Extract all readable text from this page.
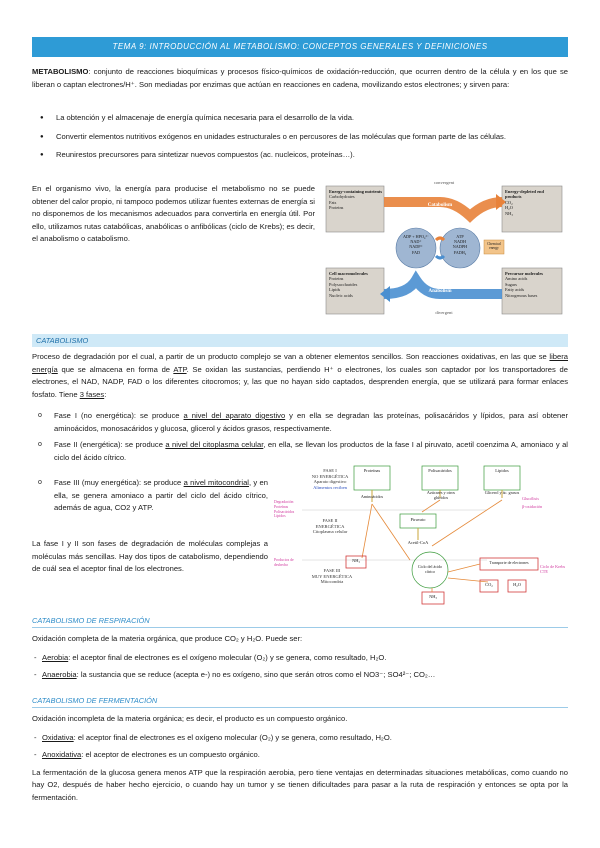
TEMA 9: INTRODUCCIÓN AL METABOLISMO: CONCEPTOS GENERALES Y DEFINICIONES

METABOLISMO: conjunto de reacciones bioquímicas y procesos físico-químicos de oxidación-reducción, que ocurren dentro de la célula y en los que se liberan o captan electrones/H⁺. Son mediadas por enzimas que actúan en reacciones en cadena, movilizando estos electrones; y sirven para:

● La obtención y el almacenaje de energía química necesaria para el desarrollo de la vida.
● Convertir elementos nutritivos exógenos en unidades estructurales o en percusores de las moléculas que forman parte de las células.
● Reunirestos precursores para sintetizar nuevos compuestos (ac. nucleicos, proteínas…).

En el organismo vivo, la energía para producise el metabolismo no se puede obtener del calor propio, ni tampoco podemos utilizar fuentes externas de energía si no disponemos de los mecanismos adecuados para convertirla en energía útil. Por ello, utilizamos rutas catabólicas, anabólicas o anfibólicas (ciclo de Krebs); es decir, el anabolismo o catabolismo.

convergent
divergent
Energy-containing nutrients
Carbohydrates
Fats
Proteins
Energy-depleted end products
CO₂
H₂O
NH₃
Catabolism
Anabolism
ADP + HPO₄²⁻
NAD⁺
NADP⁺
FAD
ATP
NADH
NADPH
FADH₂
Chemical energy
Cell macromolecules
Proteins
Polysaccharides
Lipids
Nucleic acids
Precursor molecules
Amino acids
Sugars
Fatty acids
Nitrogenous bases
CATABOLISMO

Proceso de degradación por el cual, a partir de un producto complejo se van a obtener elementos sencillos. Son reacciones oxidativas, en las que se libera energía que se almacena en forma de ATP. Se oxidan las sustancias, perdiendo H⁺ o electrones, los cuales son captador por los transportadores de electrones, el NAD, NADP, FAD o los diferentes citocromos; y, las que no hayan sido captados, desprenden energía, que se utilizará para formar enlaces fosfato. Tiene 3 fases:

o Fase I (no energética): se produce a nivel del aparato digestivo y en ella se degradan las proteínas, polisacáridos y lípidos, para así obtener aminoácidos, monosacáridos y glucosa, glicerol y ácidos grasos, respectivamente.
o Fase II (energética): se produce a nivel del citoplasma celular, en ella, se llevan los productos de la fase I al piruvato, acetil coenzima A, amoniaco y al ciclo del ácido cítrico.
o Fase III (muy energética): se produce a nivel mitocondrial, y en ella, se genera amoniaco a partir del ciclo del ácido cítrico, además de agua, CO2 y ATP.

La fase I y II son fases de degradación de moléculas complejas a moléculas más sencillas. Hay dos tipos de catabolismo, dependiendo de cuál sea el aceptor final de los electrones.

FASE I
NO ENERGÉTICA
Aparato digestivo
Alimentos reciben
FASE II
ENERGÉTICA
Citoplasma celular
FASE III
MUY ENERGÉTICA
Mitocondria
Degradación
Proteínas
Polisacáridos
Lípidos
Productos de deshecho
Proteínas	Polisacáridos	Lípidos
Aminoácidos
Azúcares y otros glúcidos
Glicerol y ác. grasos
Piruvato
Acetil-CoA
Ciclo del ácido cítrico
NH₃	Transporte de electrones
CO₂	H₂O
NH₃
Glucólisis
β-oxidación
Ciclo de Krebs CTE
CATABOLISMO DE RESPIRACIÓN

Oxidación completa de la materia orgánica, que produce CO₂ y H₂O. Puede ser:

- Aerobia: el aceptor final de electrones es el oxígeno molecular (O₂) y se genera, como resultado, H₂O.
- Anaerobia: la sustancia que se reduce (acepta e-) no es oxígeno, sino que serán otros como el NO3⁻; SO4²⁻; CO₂…
CATABOLISMO DE FERMENTACIÓN

Oxidación incompleta de la materia orgánica; es decir, el producto es un compuesto orgánico.

- Oxidativa: el aceptor final de electrones es el oxígeno molecular (O₂) y se genera, como resultado, H₂O.
- Anoxidativa: el aceptor de electrones es un compuesto orgánico.

La fermentación de la glucosa genera menos ATP que la respiración aerobia, pero tiene ventajas en determinadas situaciones metabólicas, como cuando no hay O2, después de haber hecho ejercicio, o cuando hay un tumor y se tienen dificultades para pasar a la ruta de respiración y entonces se opta por la fermentación.
